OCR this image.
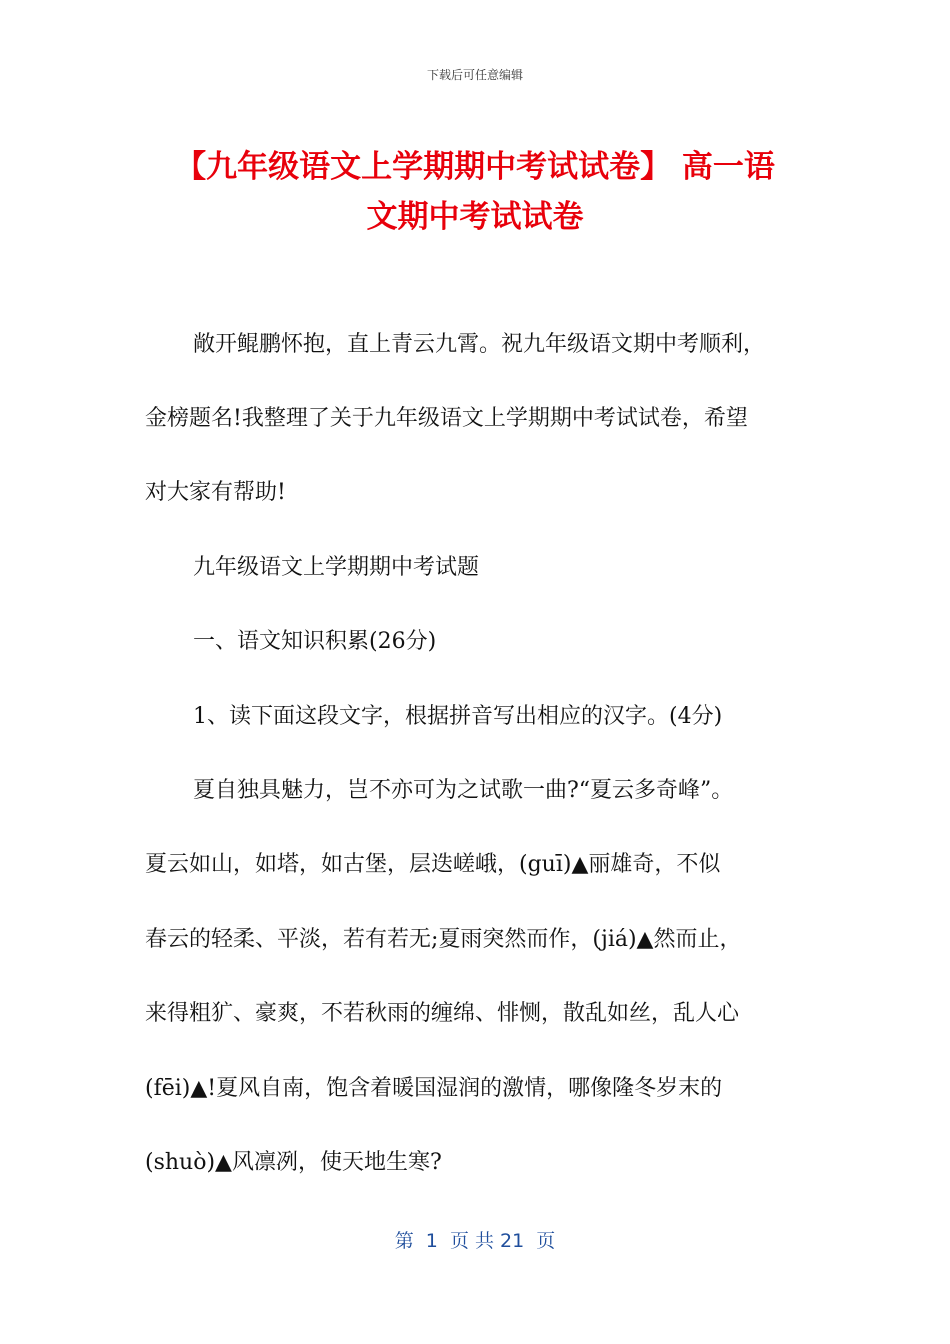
下载后可任意编辑
【九年级语文上学期期中考试试卷】 高一语
文期中考试试卷
敞开鲲鹏怀抱，直上青云九霄。祝九年级语文期中考顺利，
金榜题名!我整理了关于九年级语文上学期期中考试试卷，希望
对大家有帮助!
九年级语文上学期期中考试题
一、语文知识积累(26分)
1、读下面这段文字，根据拼音写出相应的汉字。(4分)
夏自独具魅力，岂不亦可为之试歌一曲?“夏云多奇峰”。
夏云如山，如塔，如古堡，层迭嵯峨，(guī)▲丽雄奇，不似
春云的轻柔、平淡，若有若无;夏雨突然而作，(jiá)▲然而止，
来得粗犷、豪爽，不若秋雨的缠绵、悱恻，散乱如丝，乱人心
(fēi)▲!夏风自南，饱含着暖国湿润的激情，哪像隆冬岁末的
(shuò)▲风凛冽，使天地生寒?
第  1  页 共 21  页
